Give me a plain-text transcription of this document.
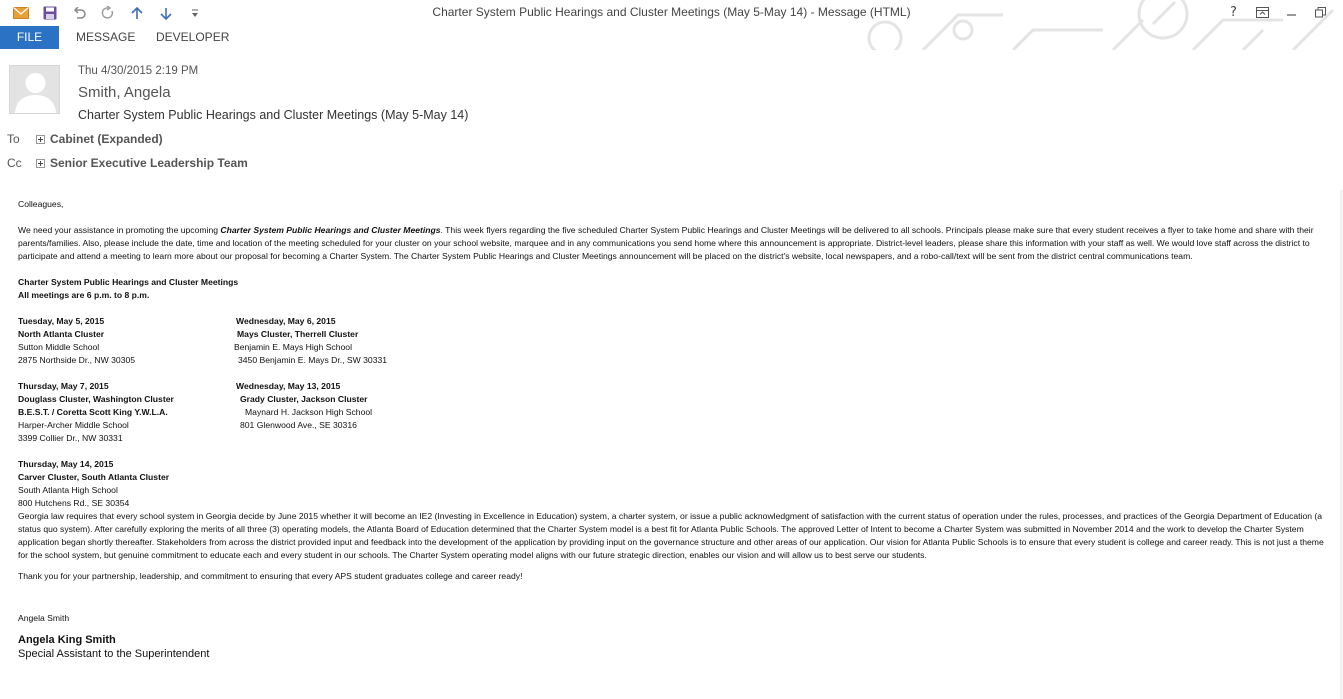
Charter System Public Hearings and Cluster Meetings (May 5-May 14) - Message (HTML)	?
FILE	MESSAGE DEVELOPER
Thu 4/30/2015 2:19 PM
Smith, Angela
Charter System Public Hearings and Cluster Meetings (May 5-May 14)
To	Cabinet (Expanded)
Cc	Senior Executive Leadership Team
Colleagues,
We need your assistance in promoting the upcoming Charter System Public Hearings and Cluster Meetings. This week flyers regarding the five scheduled Charter System Public Hearings and Cluster Meetings will be delivered to all schools. Principals please make sure that every student receives a flyer to take home and share with their parents/families. Also, please include the date, time and location of the meeting scheduled for your cluster on your school website, marquee and in any communications you send home where this announcement is appropriate. District-level leaders, please share this information with your staff as well. We would love staff across the district to participate and attend a meeting to learn more about our proposal for becoming a Charter System. The Charter System Public Hearings and Cluster Meetings announcement will be placed on the district's website, local newspapers, and a robo-call/text will be sent from the district central communications team.
Charter System Public Hearings and Cluster Meetings
All meetings are 6 p.m. to 8 p.m.
Tuesday, May 5, 2015
North Atlanta Cluster
Sutton Middle School
2875 Northside Dr., NW 30305
Wednesday, May 6, 2015
Mays Cluster, Therrell Cluster
Benjamin E. Mays High School
3450 Benjamin E. Mays Dr., SW 30331
Thursday, May 7, 2015
Douglass Cluster, Washington Cluster
B.E.S.T. / Coretta Scott King Y.W.L.A.
Harper-Archer Middle School
3399 Collier Dr., NW 30331
Wednesday, May 13, 2015
Grady Cluster, Jackson Cluster
Maynard H. Jackson High School
801 Glenwood Ave., SE 30316
Thursday, May 14, 2015
Carver Cluster, South Atlanta Cluster
South Atlanta High School
800 Hutchens Rd., SE 30354
Georgia law requires that every school system in Georgia decide by June 2015 whether it will become an IE2 (Investing in Excellence in Education) system, a charter system, or issue a public acknowledgment of satisfaction with the current status of operation under the rules, processes, and practices of the Georgia Department of Education (a status quo system). After carefully exploring the merits of all three (3) operating models, the Atlanta Board of Education determined that the Charter System model is a best fit for Atlanta Public Schools. The approved Letter of Intent to become a Charter System was submitted in November 2014 and the work to develop the Charter System application began shortly thereafter. Stakeholders from across the district provided input and feedback into the development of the application by providing input on the governance structure and other areas of our application. Our vision for Atlanta Public Schools is to ensure that every student is college and career ready. This is not just a theme for the school system, but genuine commitment to educate each and every student in our schools. The Charter System operating model aligns with our future strategic direction, enables our vision and will allow us to best serve our students.
Thank you for your partnership, leadership, and commitment to ensuring that every APS student graduates college and career ready!
Angela Smith
Angela King Smith
Special Assistant to the Superintendent
